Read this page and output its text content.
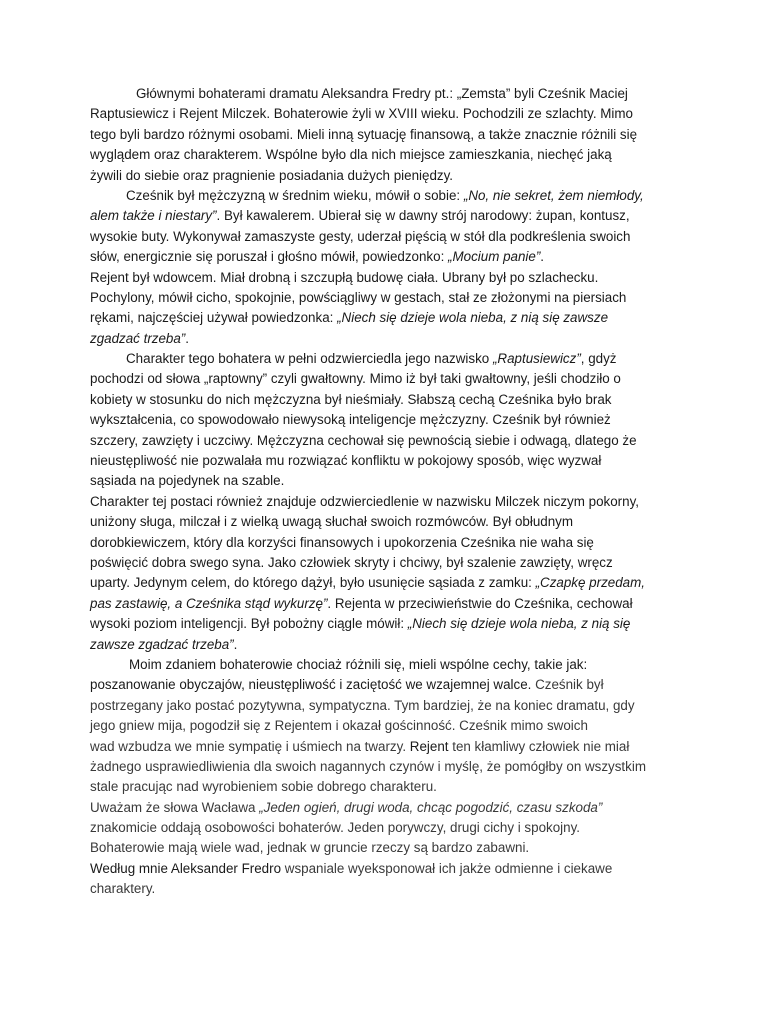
Głównymi bohaterami dramatu Aleksandra Fredry pt.: „Zemsta” byli Cześnik Maciej
Raptusiewicz i Rejent Milczek. Bohaterowie żyli w XVIII wieku. Pochodzili ze szlachty. Mimo
tego byli bardzo różnymi osobami. Mieli inną sytuację finansową, a także znacznie różnili się
wyglądem oraz charakterem. Wspólne było dla nich miejsce zamieszkania, niechęć jaką
żywili do siebie oraz pragnienie posiadania dużych pieniędzy.
Cześnik był mężczyzną w średnim wieku, mówił o sobie: „No, nie sekret, żem niemłody,
alem także i niestary”. Był kawalerem. Ubierał się w dawny strój narodowy: żupan, kontusz,
wysokie buty. Wykonywał zamaszyste gesty, uderzał pięścią w stół dla podkreślenia swoich
słów, energicznie się poruszał i głośno mówił, powiedzonko: „Mocium panie”.
Rejent był wdowcem. Miał drobną i szczupłą budowę ciała. Ubrany był po szlachecku.
Pochylony, mówił cicho, spokojnie, powściągliwy w gestach, stał ze złożonymi na piersiach
rękami, najczęściej używał powiedzonka: „Niech się dzieje wola nieba, z nią się zawsze
zgadzać trzeba”.
Charakter tego bohatera w pełni odzwierciedla jego nazwisko „Raptusiewicz”, gdyż
pochodzi od słowa „raptowny” czyli gwałtowny. Mimo iż był taki gwałtowny, jeśli chodziło o
kobiety w stosunku do nich mężczyzna był nieśmiały. Słabszą cechą Cześnika było brak
wykształcenia, co spowodowało niewysoką inteligencje mężczyzny. Cześnik był również
szczery, zawzięty i uczciwy. Mężczyzna cechował się pewnością siebie i odwagą, dlatego że
nieustępliwość nie pozwalała mu rozwiązać konfliktu w pokojowy sposób, więc wyzwał
sąsiada na pojedynek na szable.
Charakter tej postaci również znajduje odzwierciedlenie w nazwisku Milczek niczym pokorny,
uniżony sługa, milczał i z wielką uwagą słuchał swoich rozmówców. Był obłudnym
dorobkiewiczem, który dla korzyści finansowych i upokorzenia Cześnika nie waha się
poświęcić dobra swego syna. Jako człowiek skryty i chciwy, był szalenie zawzięty, wręcz
uparty. Jedynym celem, do którego dążył, było usunięcie sąsiada z zamku: „Czapkę przedam,
pas zastawię, a Cześnika stąd wykurzę”. Rejenta w przeciwieństwie do Cześnika, cechował
wysoki poziom inteligencji. Był pobożny ciągle mówił: „Niech się dzieje wola nieba, z nią się
zawsze zgadzać trzeba”.
Moim zdaniem bohaterowie chociaż różnili się, mieli wspólne cechy, takie jak:
poszanowanie obyczajów, nieustępliwość i zaciętość we wzajemnej walce. Cześnik był
postrzegany jako postać pozytywna, sympatyczna. Tym bardziej, że na koniec dramatu, gdy
jego gniew mija, pogodził się z Rejentem i okazał gościnność. Cześnik mimo swoich
wad wzbudza we mnie sympatię i uśmiech na twarzy. Rejent ten kłamliwy człowiek nie miał
żadnego usprawiedliwienia dla swoich nagannych czynów i myślę, że pomógłby on wszystkim
stale pracując nad wyrobieniem sobie dobrego charakteru.
Uważam że słowa Wacława „Jeden ogień, drugi woda, chcąc pogodzić, czasu szkoda”
znakomicie oddają osobowości bohaterów. Jeden porywczy, drugi cichy i spokojny.
Bohaterowie mają wiele wad, jednak w gruncie rzeczy są bardzo zabawni.
Według mnie Aleksander Fredro wspaniale wyeksponował ich jakże odmienne i ciekawe
charaktery.
